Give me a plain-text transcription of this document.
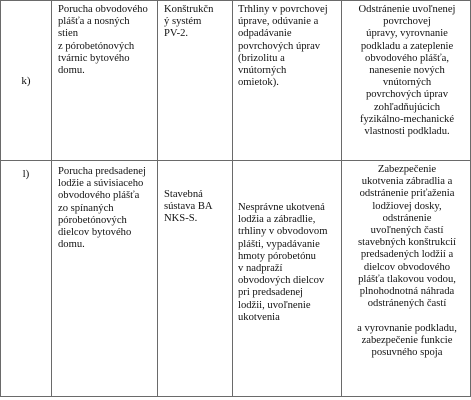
k)
Porucha obvodového
plášťa a nosných
stien
z pórobetónových
tvárnic bytového
domu.
Konštrukčn
ý systém
PV-2.
Trhliny v povrchovej
úprave, odúvanie a
odpadávanie
povrchových úprav
(brizolitu a
vnútorných
omietok).
Odstránenie uvoľnenej
povrchovej
úpravy, vyrovnanie
podkladu a zateplenie
obvodového plášťa,
nanesenie nových
vnútorných
povrchových úprav
zohľadňujúcich
fyzikálno-mechanické
vlastnosti podkladu.
l)	Porucha predsadenej
lodžie a súvisiaceho
obvodového plášťa
zo spínaných
pórobetónových
dielcov bytového
domu.
Stavebná
sústava BA
NKS-S.
Nesprávne ukotvená
lodžia a zábradlie,
trhliny v obvodovom
plášti, vypadávanie
hmoty pórobetónu
v nadpraží
obvodových dielcov
pri predsadenej
lodžii, uvoľnenie
ukotvenia
Zabezpečenie
ukotvenia zábradlia a
odstránenie priťaženia
lodžiovej dosky,
odstránenie
uvoľnených častí
stavebných konštrukcií
predsadených lodžií a
dielcov obvodového
plášťa tlakovou vodou,
plnohodnotná náhrada
odstránených častí

a vyrovnanie podkladu,
zabezpečenie funkcie
posuvného spoja
